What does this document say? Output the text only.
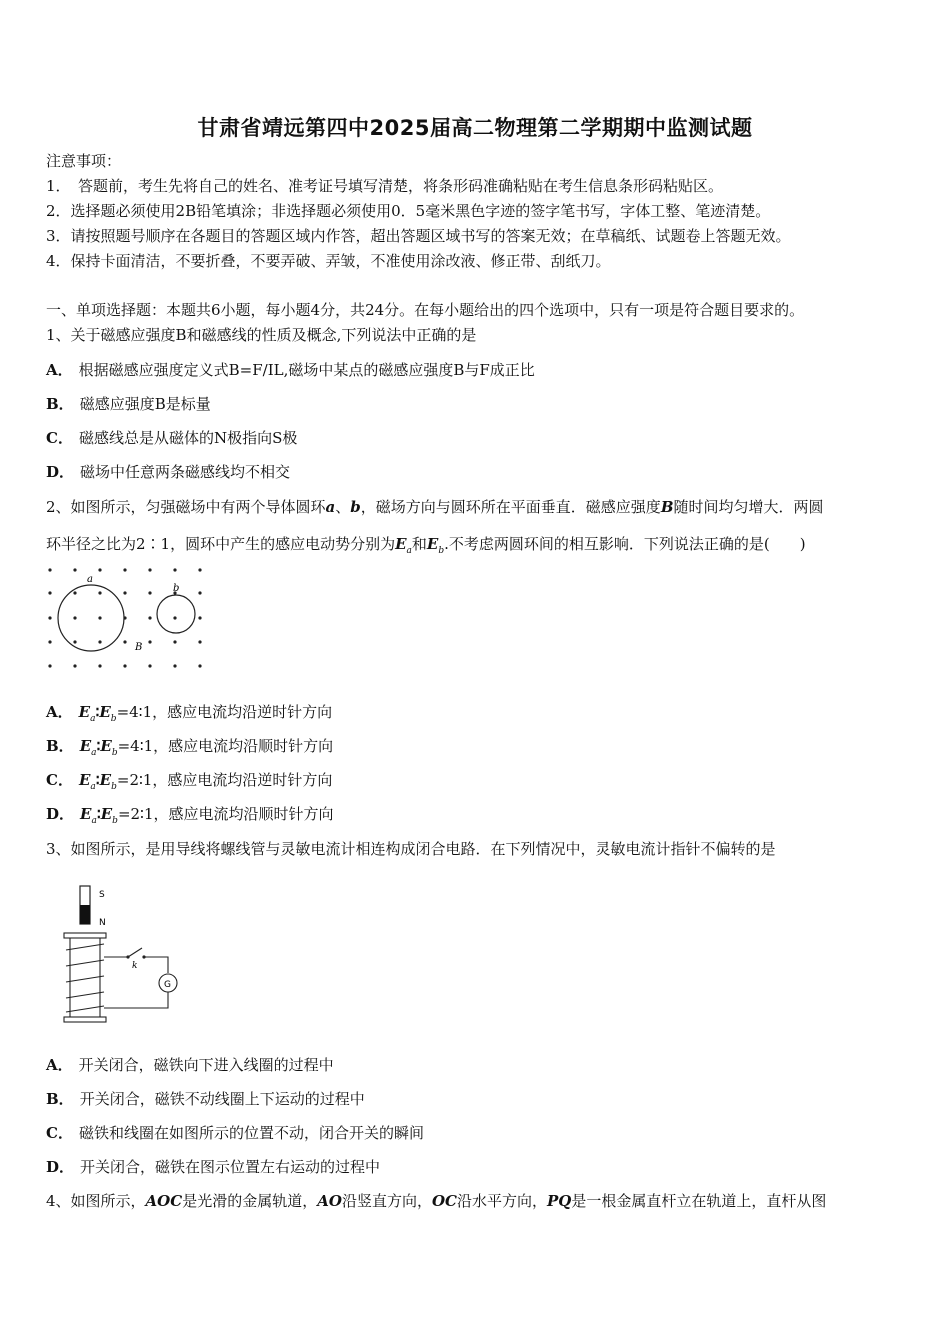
甘肃省靖远第四中2025届高二物理第二学期期中监测试题
注意事项：
1．　答题前，考生先将自己的姓名、准考证号填写清楚，将条形码准确粘贴在考生信息条形码粘贴区。
2．选择题必须使用2B铅笔填涂；非选择题必须使用0．5毫米黑色字迹的签字笔书写，字体工整、笔迹清楚。
3．请按照题号顺序在各题目的答题区域内作答，超出答题区域书写的答案无效；在草稿纸、试题卷上答题无效。
4．保持卡面清洁，不要折叠，不要弄破、弄皱，不准使用涂改液、修正带、刮纸刀。
一、单项选择题：本题共6小题，每小题4分，共24分。在每小题给出的四个选项中，只有一项是符合题目要求的。
1、关于磁感应强度B和磁感线的性质及概念,下列说法中正确的是
A． 根据磁感应强度定义式B=F/IL,磁场中某点的磁感应强度B与F成正比
B． 磁感应强度B是标量
C． 磁感线总是从磁体的N极指向S极
D． 磁场中任意两条磁感线均不相交
2、如图所示，匀强磁场中有两个导体圆环a、b，磁场方向与圆环所在平面垂直．磁感应强度B随时间均匀增大．两圆
环半径之比为2∶1，圆环中产生的感应电动势分别为$E_a$和$E_b$.不考虑两圆环间的相互影响．下列说法正确的是(　　)
a
b
B
A． $E_a∶E_b=4∶1$，感应电流均沿逆时针方向
B． $E_a∶E_b=4∶1$，感应电流均沿顺时针方向
C． $E_a∶E_b=2∶1$，感应电流均沿逆时针方向
D． $E_a∶E_b=2∶1$，感应电流均沿顺时针方向
3、如图所示，是用导线将螺线管与灵敏电流计相连构成闭合电路．在下列情况中，灵敏电流计指针不偏转的是
S
N
k
G
A． 开关闭合，磁铁向下进入线圈的过程中
B． 开关闭合，磁铁不动线圈上下运动的过程中
C． 磁铁和线圈在如图所示的位置不动，闭合开关的瞬间
D． 开关闭合，磁铁在图示位置左右运动的过程中
4、如图所示，AOC是光滑的金属轨道，AO沿竖直方向，OC沿水平方向，PQ是一根金属直杆立在轨道上，直杆从图
